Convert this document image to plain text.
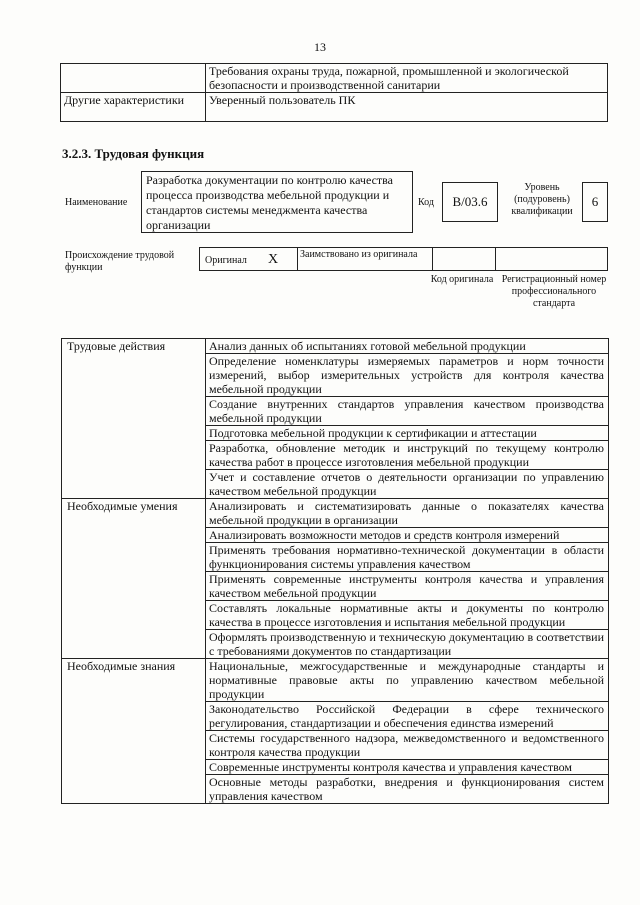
13
	Требования охраны труда, пожарной, промышленной и экологической безопасности и производственной санитарии
Другие характеристики	Уверенный пользователь ПК
3.2.3. Трудовая функция
Наименование
Разработка документации по контролю качества процесса производства мебельной продукции и стандартов системы менеджмента качества организации
Код	B/03.6
Уровень (подуровень) квалификации
6
Происхождение трудовой функции
Оригинал X Заимствовано из оригинала
Код оригинала Регистрационный номер профессионального стандарта
Трудовые действия	Анализ данных об испытаниях готовой мебельной продукции
	Определение номенклатуры измеряемых параметров и норм точности измерений, выбор измерительных устройств для контроля качества мебельной продукции
	Создание внутренних стандартов управления качеством производства мебельной продукции
	Подготовка мебельной продукции к сертификации и аттестации
	Разработка, обновление методик и инструкций по текущему контролю качества работ в процессе изготовления мебельной продукции
	Учет и составление отчетов о деятельности организации по управлению качеством мебельной продукции
Необходимые умения	Анализировать и систематизировать данные о показателях качества мебельной продукции в организации
	Анализировать возможности методов и средств контроля измерений
	Применять требования нормативно-технической документации в области функционирования системы управления качеством
	Применять современные инструменты контроля качества и управления качеством мебельной продукции
	Составлять локальные нормативные акты и документы по контролю качества в процессе изготовления и испытания мебельной продукции
	Оформлять производственную и техническую документацию в соответствии с требованиями документов по стандартизации
Необходимые знания	Национальные, межгосударственные и международные стандарты и нормативные правовые акты по управлению качеством мебельной продукции
	Законодательство Российской Федерации в сфере технического регулирования, стандартизации и обеспечения единства измерений
	Системы государственного надзора, межведомственного и ведомственного контроля качества продукции
	Современные инструменты контроля качества и управления качеством
	Основные методы разработки, внедрения и функционирования систем управления качеством
